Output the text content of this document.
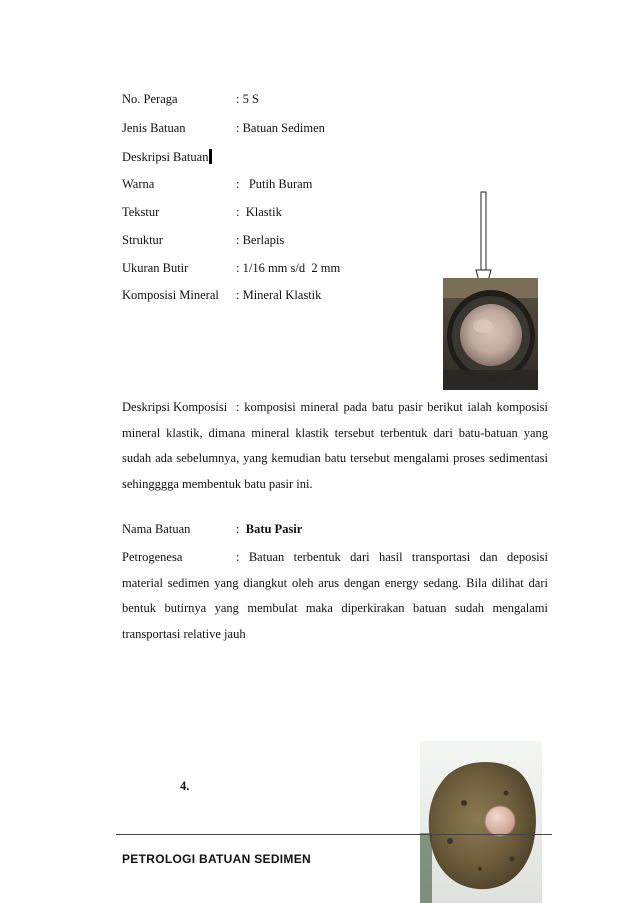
No. Peraga	: 5 S
Jenis Batuan	: Batuan Sedimen
Deskripsi Batuan
Warna	:   Putih Buram
Tekstur	:  Klastik
Struktur	: Berlapis
Ukuran Butir	: 1/16 mm s/d  2 mm
Komposisi Mineral : Mineral Klastik
Deskripsi Komposisi : komposisi mineral pada batu pasir berikut ialah komposisi mineral klastik, dimana mineral klastik tersebut terbentuk dari batu-batuan yang sudah ada sebelumnya, yang kemudian batu tersebut mengalami proses sedimentasi sehingggga membentuk batu pasir ini.
Nama Batuan	: Batu Pasir
Petrogenesa	: Batuan terbentuk dari hasil transportasi dan deposisi material sedimen yang diangkut oleh arus dengan energy sedang. Bila dilihat dari bentuk butirnya yang membulat maka diperkirakan batuan sudah mengalami transportasi relative jauh
4.
PETROLOGI BATUAN SEDIMEN
